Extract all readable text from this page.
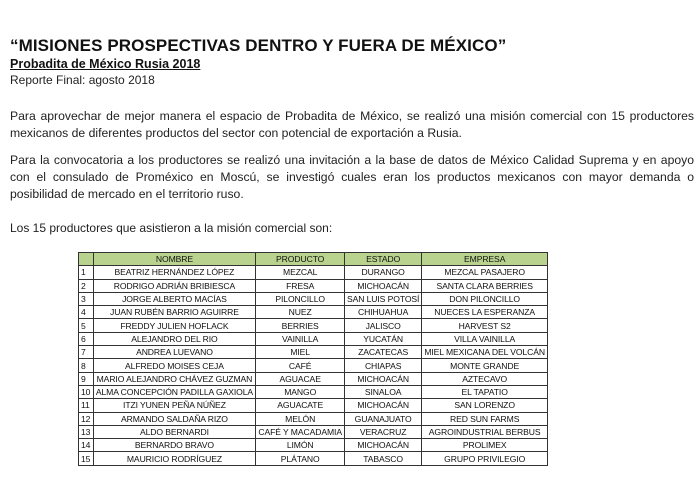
“MISIONES PROSPECTIVAS DENTRO Y FUERA DE MÉXICO”
Probadita de México Rusia 2018
Reporte Final: agosto 2018
Para aprovechar de mejor manera el espacio de Probadita de México, se realizó una misión comercial con 15 productores mexicanos de diferentes productos del sector con potencial de exportación a Rusia.
Para la convocatoria a los productores se realizó una invitación a la base de datos de México Calidad Suprema y en apoyo con el consulado de Proméxico en Moscú, se investigó cuales eran los productos mexicanos con mayor demanda o posibilidad de mercado en el territorio ruso.
Los 15 productores que asistieron a la misión comercial son:
	NOMBRE	PRODUCTO	ESTADO	EMPRESA
1	BEATRIZ HERNÁNDEZ LÓPEZ	MEZCAL	DURANGO	MEZCAL PASAJERO
2	RODRIGO ADRIÁN BRIBIESCA	FRESA	MICHOACÁN	SANTA CLARA BERRIES
3	JORGE ALBERTO MACÍAS	PILONCILLO	SAN LUIS POTOSÍ	DON PILONCILLO
4	JUAN RUBÉN BARRIO AGUIRRE	NUEZ	CHIHUAHUA	NUECES LA ESPERANZA
5	FREDDY JULIEN HOFLACK	BERRIES	JALISCO	HARVEST S2
6	ALEJANDRO DEL RIO	VAINILLA	YUCATÁN	VILLA VAINILLA
7	ANDREA LUEVANO	MIEL	ZACATECAS	MIEL MEXICANA DEL VOLCÁN
8	ALFREDO MOISES CEJA	CAFÉ	CHIAPAS	MONTE GRANDE
9	MARIO ALEJANDRO CHÁVEZ GUZMAN	AGUACAE	MICHOACÁN	AZTECAVO
10	ALMA CONCEPCIÓN PADILLA GAXIOLA	MANGO	SINALOA	EL TAPATIO
11	ITZI YUNEN PEÑA NÚÑEZ	AGUACATE	MICHOACÁN	SAN LORENZO
12	ARMANDO SALDAÑA RIZO	MELÓN	GUANAJUATO	RED SUN FARMS
13	ALDO BERNARDI	CAFÉ Y MACADAMIA	VERACRUZ	AGROINDUSTRIAL BERBUS
14	BERNARDO BRAVO	LIMÓN	MICHOACÁN	PROLIMEX
15	MAURICIO RODRÍGUEZ	PLÁTANO	TABASCO	GRUPO PRIVILEGIO
